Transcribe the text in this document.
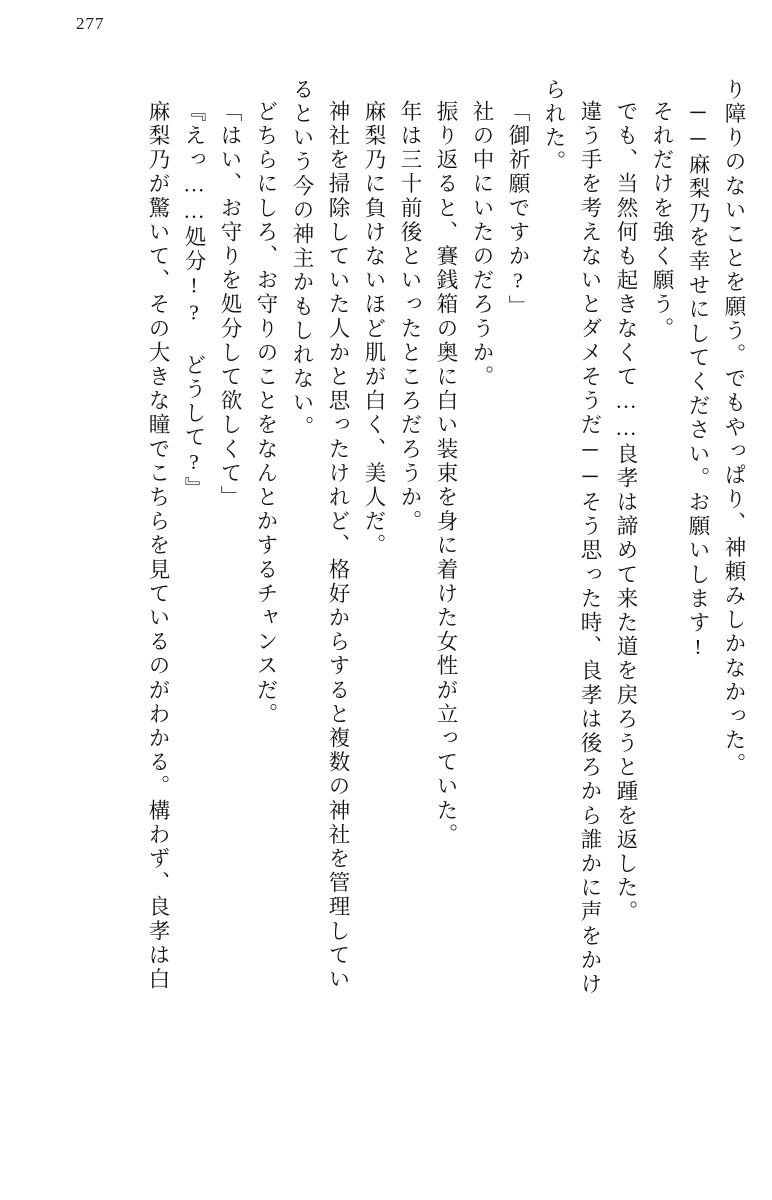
277
り障りのないことを願う。でもやっぱり、神頼みしかなかった。
──麻梨乃を幸せにしてください。お願いします!
それだけを強く願う。
でも、当然何も起きなくて……良孝は諦めて来た道を戻ろうと踵を返した。
違う手を考えないとダメそうだ──そう思った時、良孝は後ろから誰かに声をかけ
られた。
「御祈願ですか?」
社の中にいたのだろうか。
振り返ると、賽銭箱の奥に白い装束を身に着けた女性が立っていた。
年は三十前後といったところだろうか。
麻梨乃に負けないほど肌が白く、美人だ。
神社を掃除していた人かと思ったけれど、格好からすると複数の神社を管理してい
るという今の神主かもしれない。
どちらにしろ、お守りのことをなんとかするチャンスだ。
「はい、お守りを処分して欲しくて」
『えっ……処分!? どうして?』
麻梨乃が驚いて、その大きな瞳でこちらを見ているのがわかる。構わず、良孝は白
